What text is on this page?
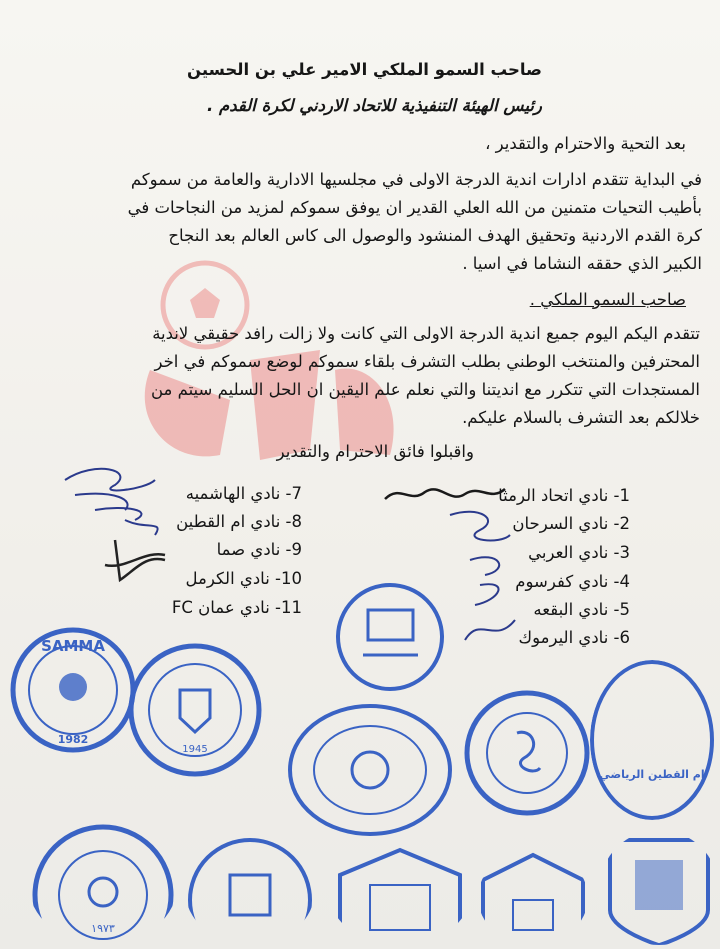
صاحب السمو الملكي الامير علي بن الحسين
رئيس الهيئة التنفيذية للاتحاد الاردني لكرة القدم .
بعد التحية والاحترام والتقدير ،
في البداية تتقدم ادارات اندية الدرجة الاولى في مجلسيها الادارية والعامة من سموكم
بأطيب التحيات متمنين من الله العلي القدير ان يوفق سموكم لمزيد من النجاحات في
كرة القدم الاردنية وتحقيق الهدف المنشود والوصول الى كاس العالم بعد النجاح
الكبير الذي حققه النشاما في اسيا .
صاحب السمو الملكي .
تتقدم اليكم اليوم جميع اندية الدرجة الاولى التي كانت ولا زالت رافد حقيقي لاندية
المحترفين والمنتخب الوطني بطلب التشرف بلقاء سموكم لوضع سموكم في اخر
المستجدات التي تتكرر مع انديتنا والتي نعلم علم اليقين ان الحل السليم سيتم من
خلالكم بعد التشرف بالسلام عليكم.
واقبلوا فائق الاحترام والتقدير
1- نادي اتحاد الرمثا
2- نادي السرحان
3- نادي العربي
4- نادي كفرسوم
5- نادي البقعه
6- نادي اليرموك
7- نادي الهاشميه
8- نادي ام القطين
9- نادي صما
10- نادي الكرمل
11- نادي عمان FC
SAMMA
1982
1945
ام القطين الرياضي
١٩٧٣
